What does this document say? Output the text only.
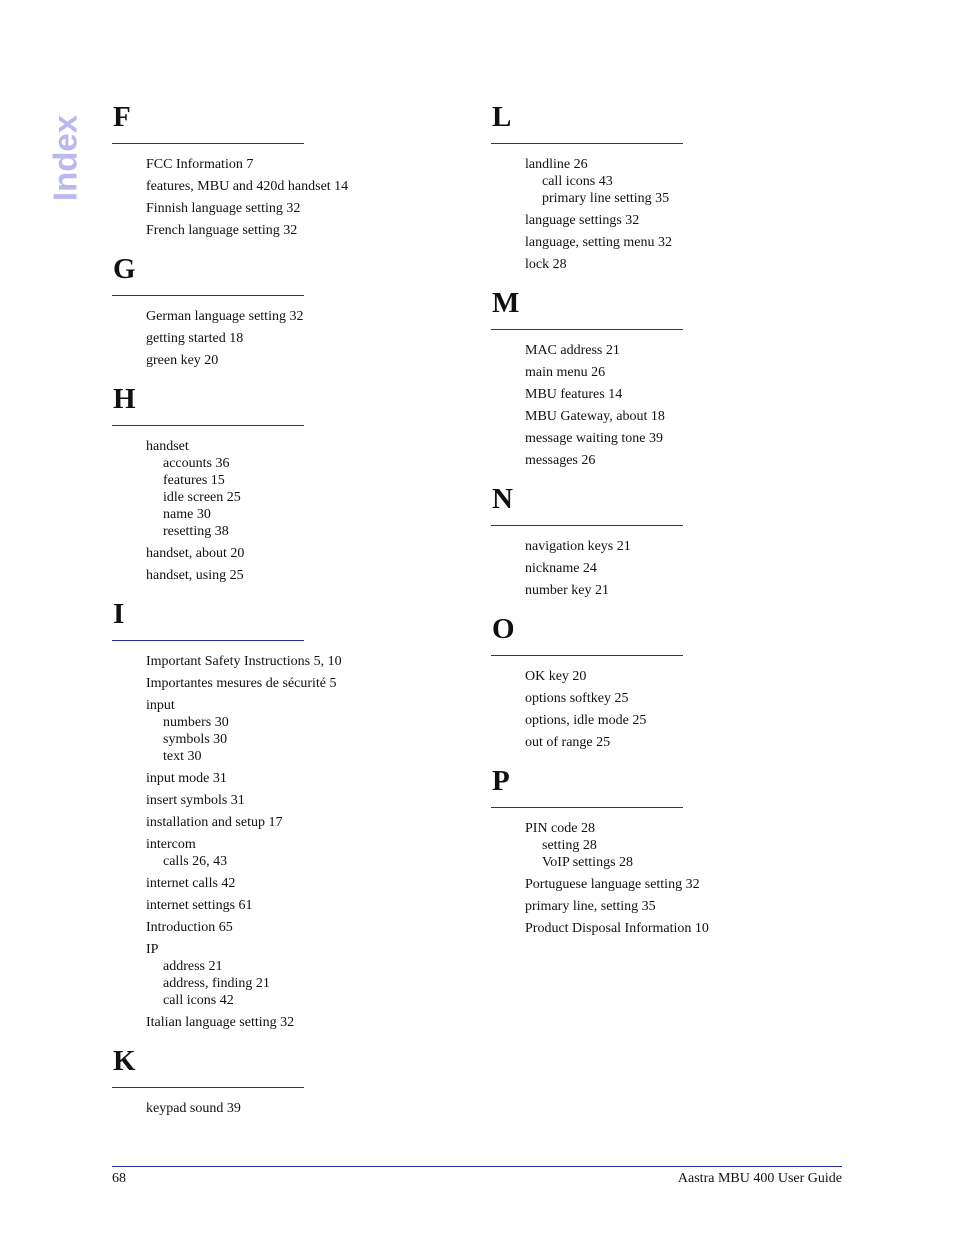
Index F
FCC Information 7
features, MBU and 420d handset 14
Finnish language setting 32
French language setting 32
G
German language setting 32
getting started 18
green key 20
H
handset
accounts 36
features 15
idle screen 25
name 30
resetting 38
handset, about 20
handset, using 25
I
Important Safety Instructions 5, 10
Importantes mesures de sécurité 5
input
numbers 30
symbols 30
text 30
input mode 31
insert symbols 31
installation and setup 17
intercom
calls 26, 43
internet calls 42
internet settings 61
Introduction 65
IP
address 21
address, finding 21
call icons 42
Italian language setting 32
K
keypad sound 39
L
landline 26
call icons 43
primary line setting 35
language settings 32
language, setting menu 32
lock 28
M
MAC address 21
main menu 26
MBU features 14
MBU Gateway, about 18
message waiting tone 39
messages 26
N
navigation keys 21
nickname 24
number key 21
O
OK key 20
options softkey 25
options, idle mode 25
out of range 25
P
PIN code 28
setting 28
VoIP settings 28
Portuguese language setting 32
primary line, setting 35
Product Disposal Information 10
68	Aastra MBU 400 User Guide
